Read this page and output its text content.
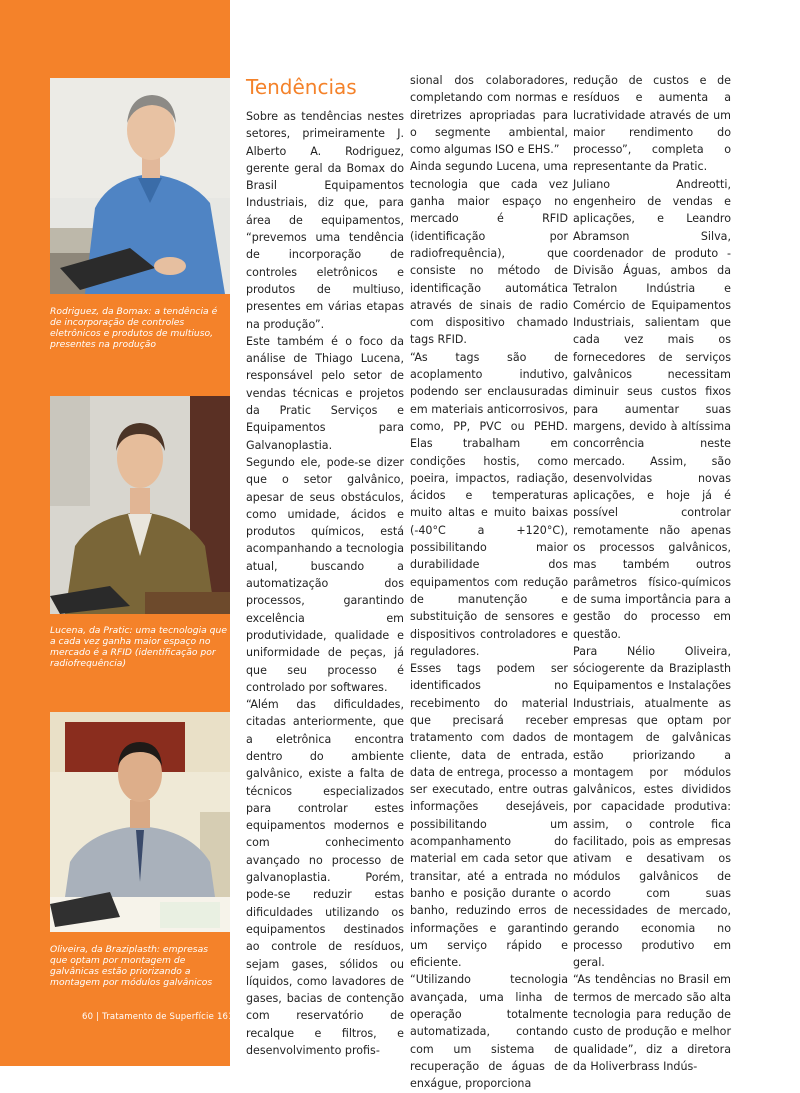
Rodriguez, da Bomax: a tendência é de incorporação de controles eletrônicos e produtos de multiuso, presentes na produção
Lucena, da Pratic: uma tecnologia que a cada vez ganha maior espaço no mercado é a RFID (identificação por radiofrequência)
Oliveira, da Braziplasth: empresas que optam por montagem de galvânicas estão priorizando a montagem por módulos galvânicos
60 | Tratamento de Superfície 161
Tendências

Sobre as tendências nestes setores, primeiramente J. Alberto A. Rodriguez, gerente geral da Bomax do Brasil Equipamentos Industriais, diz que, para área de equipamentos, “prevemos uma tendência de incorporação de controles eletrônicos e produtos de multiuso, presentes em várias etapas na produção”.

Este também é o foco da análise de Thiago Lucena, responsável pelo setor de vendas técnicas e projetos da Pratic Serviços e Equipamentos para Galvanoplastia.

Segundo ele, pode-se dizer que o setor galvânico, apesar de seus obstáculos, como umidade, ácidos e produtos químicos, está acompanhando a tecnologia atual, buscando a automatização dos processos, garantindo excelência em produtividade, qualidade e uniformidade de peças, já que seu processo é controlado por softwares.

“Além das dificuldades, citadas anteriormente, que a eletrônica encontra dentro do ambiente galvânico, existe a falta de técnicos especializados para controlar estes equipamentos modernos e com conhecimento avançado no processo de galvanoplastia. Porém, pode-se reduzir estas dificuldades utilizando os equipamentos destinados ao controle de resíduos, sejam gases, sólidos ou líquidos, como lavadores de gases, bacias de contenção com reservatório de recalque e filtros, e desenvolvimento profis-

sional dos colaboradores, completando com normas e diretrizes apropriadas para o segmente ambiental, como algumas ISO e EHS.”

Ainda segundo Lucena, uma tecnologia que cada vez ganha maior espaço no mercado é RFID (identificação por radiofrequência), que consiste no método de identificação automática através de sinais de radio com dispositivo chamado tags RFID.

“As tags são de acoplamento indutivo, podendo ser enclausuradas em materiais anticorrosivos, como, PP, PVC ou PEHD. Elas trabalham em condições hostis, como poeira, impactos, radiação, ácidos e temperaturas muito altas e muito baixas (-40°C a +120°C), possibilitando maior durabilidade dos equipamentos com redução de manutenção e substituição de sensores e dispositivos controladores e reguladores.

Esses tags podem ser identificados no recebimento do material que precisará receber tratamento com dados de cliente, data de entrada, data de entrega, processo a ser executado, entre outras informações desejáveis, possibilitando um acompanhamento do material em cada setor que transitar, até a entrada no banho e posição durante o banho, reduzindo erros de informações e garantindo um serviço rápido e eficiente.

“Utilizando tecnologia avançada, uma linha de operação totalmente automatizada, contando com um sistema de recuperação de águas de enxágue, proporciona

redução de custos e de resíduos e aumenta a lucratividade através de um maior rendimento do processo”, completa o representante da Pratic.

Juliano Andreotti, engenheiro de vendas e aplicações, e Leandro Abramson Silva, coordenador de produto - Divisão Águas, ambos da Tetralon Indústria e Comércio de Equipamentos Industriais, salientam que cada vez mais os fornecedores de serviços galvânicos necessitam diminuir seus custos fixos para aumentar suas margens, devido à altíssima concorrência neste mercado. Assim, são desenvolvidas novas aplicações, e hoje já é possível controlar remotamente não apenas os processos galvânicos, mas também outros parâmetros físico-químicos de suma importância para a gestão do processo em questão.

Para Nélio Oliveira, sóciogerente da Braziplasth Equipamentos e Instalações Industriais, atualmente as empresas que optam por montagem de galvânicas estão priorizando a montagem por módulos galvânicos, estes divididos por capacidade produtiva: assim, o controle fica facilitado, pois as empresas ativam e desativam os módulos galvânicos de acordo com suas necessidades de mercado, gerando economia no processo produtivo em geral.

“As tendências no Brasil em termos de mercado são alta tecnologia para redução de custo de produção e melhor qualidade”, diz a diretora da Holiverbrass Indús-
